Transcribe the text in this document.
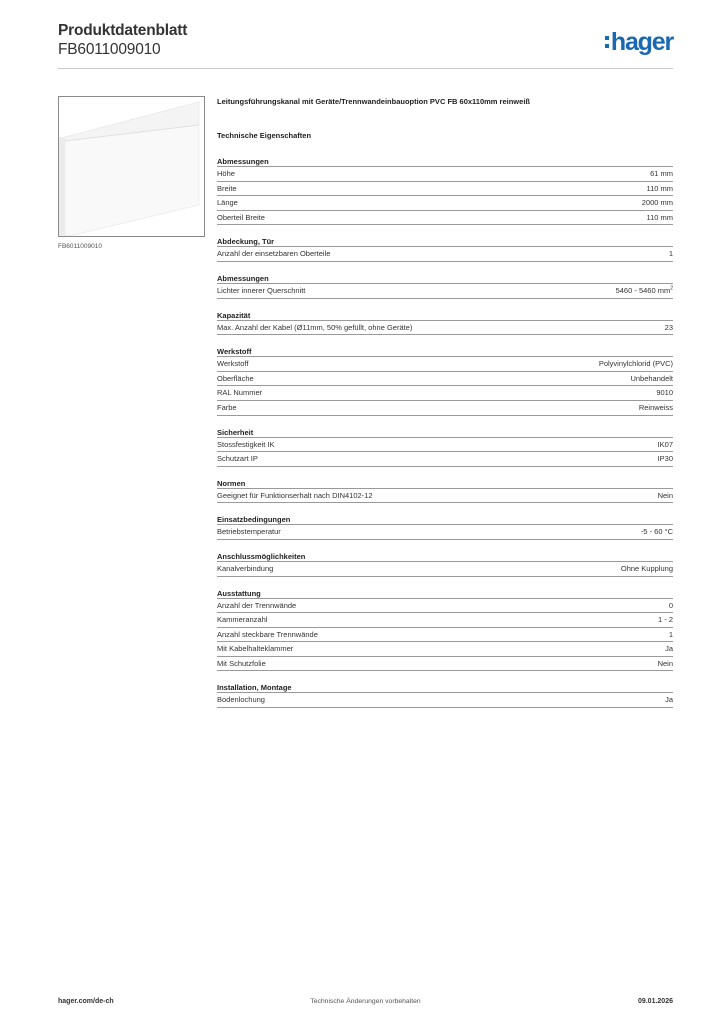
Produktdatenblatt
FB6011009010	hager
FB6011009010
Leitungsführungskanal mit Geräte/Trennwandeinbauoption PVC FB 60x110mm reinweiß
Technische Eigenschaften
Abmessungen
Höhe	61 mm
Breite	110 mm
Länge	2000 mm
Oberteil Breite	110 mm
Abdeckung, Tür
Anzahl der einsetzbaren Oberteile	1
Abmessungen
Lichter innerer Querschnitt	5460 - 5460 $mm^2$
Kapazität
Max. Anzahl der Kabel (Ø11mm, 50% gefüllt, ohne Geräte)	23
Werkstoff
Werkstoff	Polyvinylchlorid (PVC)
Oberfläche	Unbehandelt
RAL Nummer	9010
Farbe	Reinweiss
Sicherheit
Stossfestigkeit IK	IK07
Schutzart IP	IP30
Normen
Geeignet für Funktionserhalt nach DIN4102-12	Nein
Einsatzbedingungen
Betriebstemperatur	-5 - 60 °C
Anschlussmöglichkeiten
Kanalverbindung	Ohne Kupplung
Ausstattung
Anzahl der Trennwände	0
Kammeranzahl	1 - 2
Anzahl steckbare Trennwände	1
Mit Kabelhalteklammer	Ja
Mit Schutzfolie	Nein
Installation, Montage
Bodenlochung	Ja
Technische Änderungen vorbehalten
hager.com/de-ch	09.01.2026
